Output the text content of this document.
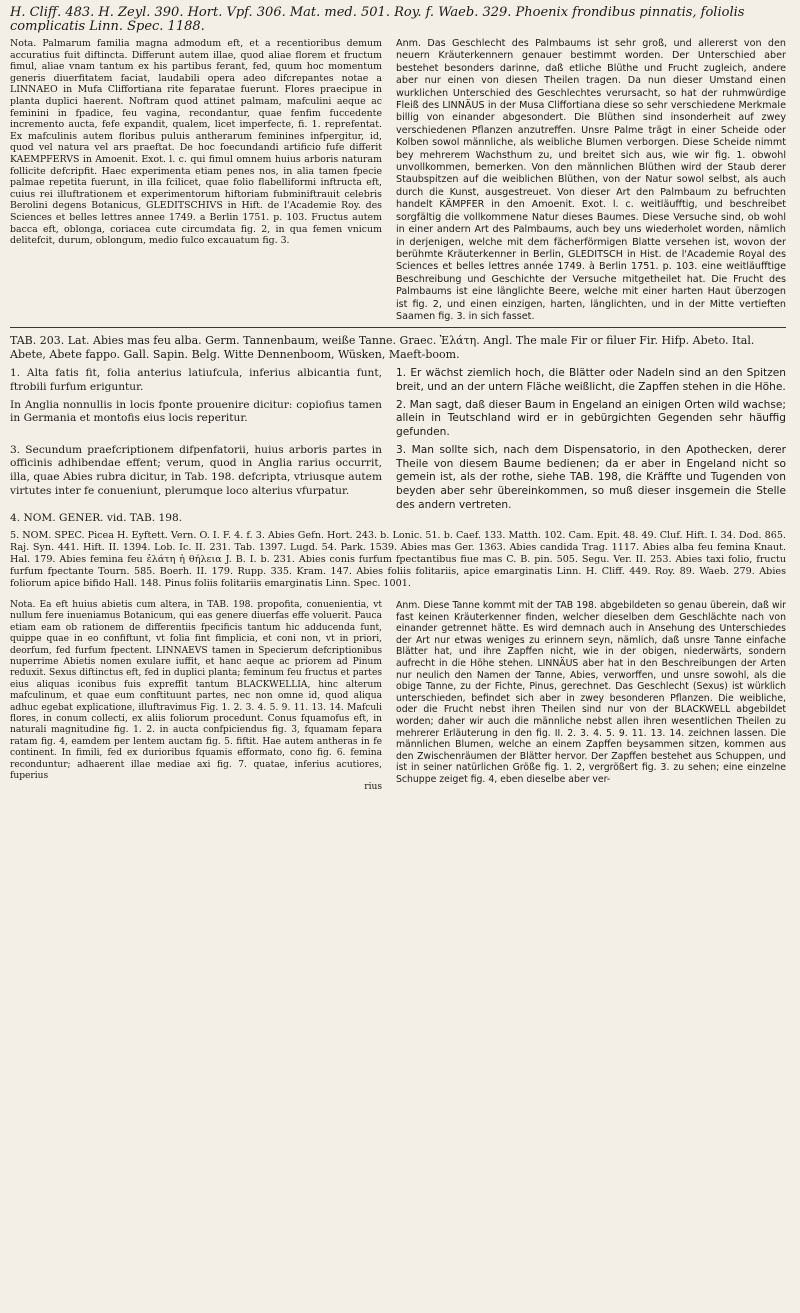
H. Cliff. 483. H. Zeyl. 390. Hort. Vpf. 306. Mat. med. 501. Roy. f. Waeb. 329. Phoenix frondibus pinnatis, foliolis complicatis Linn. Spec. 1188.

Nota. Palmarum familia magna admodum eft, et a recentioribus demum accuratius fuit diftincta. Differunt autem illae, quod aliae florem et fructum fimul, aliae vnam tantum ex his partibus ferant, fed, quum hoc momentum generis diuerfitatem faciat, laudabili opera adeo difcrepantes notae a LINNAEO in Mufa Cliffortiana rite feparatae fuerunt. Flores praecipue in planta duplici haerent. Noftram quod attinet palmam, mafculini aeque ac feminini in fpadice, feu vagina, recondantur, quae fenfim fuccedente incremento aucta, fefe expandit, qualem, licet imperfecte, fi. 1. reprefentat. Ex mafculinis autem floribus puluis antherarum feminines infpergitur, id, quod vel natura vel ars praeftat. De hoc foecundandi artificio fufe differit KAEMPFERVS in Amoenit. Exot. l. c. qui fimul omnem huius arboris naturam follicite defcripfit. Haec experimenta etiam penes nos, in alia tamen fpecie palmae repetita fuerunt, in illa fcilicet, quae folio flabelliformi inftructa eft, cuius rei illuftrationem et experimentorum hiftoriam fubminiftrauit celebris Berolini degens Botanicus, GLEDITSCHIVS in Hift. de l'Academie Roy. des Sciences et belles lettres annee 1749. a Berlin 1751. p. 103. Fructus autem bacca eft, oblonga, coriacea cute circumdata fig. 2, in qua femen vnicum delitefcit, durum, oblongum, medio fulco excauatum fig. 3.

Anm. Das Geschlecht des Palmbaums ist sehr groß, und allererst von den neuern Kräuterkennern genauer bestimmt worden. Der Unterschied aber bestehet besonders darinne, daß etliche Blüthe und Frucht zugleich, andere aber nur einen von diesen Theilen tragen. Da nun dieser Umstand einen wurklichen Unterschied des Geschlechtes verursacht, so hat der ruhmwürdige Fleiß des LINNÄUS in der Musa Cliffortiana diese so sehr verschiedene Merkmale billig von einander abgesondert. Die Blüthen sind insonderheit auf zwey verschiedenen Pflanzen anzutreffen. Unsre Palme trägt in einer Scheide oder Kolben sowol männliche, als weibliche Blumen verborgen. Diese Scheide nimmt bey mehrerem Wachsthum zu, und breitet sich aus, wie wir fig. 1. obwohl unvollkommen, bemerken. Von den männlichen Blüthen wird der Staub derer Staubspitzen auf die weiblichen Blüthen, von der Natur sowol selbst, als auch durch die Kunst, ausgestreuet. Von dieser Art den Palmbaum zu befruchten handelt KÄMPFER in den Amoenit. Exot. l. c. weitläufftig, und beschreibet sorgfältig die vollkommene Natur dieses Baumes. Diese Versuche sind, ob wohl in einer andern Art des Palmbaums, auch bey uns wiederholet worden, nämlich in derjenigen, welche mit dem fächerförmigen Blatte versehen ist, wovon der berühmte Kräuterkenner in Berlin, GLEDITSCH in Hist. de l'Academie Royal des Sciences et belles lettres année 1749. à Berlin 1751. p. 103. eine weitläufftige Beschreibung und Geschichte der Versuche mitgetheilet hat. Die Frucht des Palmbaums ist eine länglichte Beere, welche mit einer harten Haut überzogen ist fig. 2, und einen einzigen, harten, länglichten, und in der Mitte vertieften Saamen fig. 3. in sich fasset.

TAB. 203. Lat. Abies mas feu alba. Germ. Tannenbaum, weiße Tanne. Graec. Ἐλάτη. Angl. The male Fir or filuer Fir. Hifp. Abeto. Ital. Abete, Abete fappo. Gall. Sapin. Belg. Witte Dennenboom, Wüsken, Maeft-boom.

1. Alta fatis fit, folia anterius latiufcula, inferius albicantia funt, ftrobili furfum eriguntur.

1. Er wächst ziemlich hoch, die Blätter oder Nadeln sind an den Spitzen breit, und an der untern Fläche weißlicht, die Zapffen stehen in die Höhe.

In Anglia nonnullis in locis fponte prouenire dicitur: copiofius tamen in Germania et montofis eius locis reperitur.

2. Man sagt, daß dieser Baum in Engeland an einigen Orten wild wachse; allein in Teutschland wird er in gebürgichten Gegenden sehr häuffig gefunden.

3. Secundum praefcriptionem difpenfatorii, huius arboris partes in officinis adhibendae effent; verum, quod in Anglia rarius occurrit, illa, quae Abies rubra dicitur, in Tab. 198. defcripta, vtriusque autem virtutes inter fe conueniunt, plerumque loco alterius vfurpatur.

3. Man sollte sich, nach dem Dispensatorio, in den Apothecken, derer Theile von diesem Baume bedienen; da er aber in Engeland nicht so gemein ist, als der rothe, siehe TAB. 198, die Kräffte und Tugenden von beyden aber sehr übereinkommen, so muß dieser insgemein die Stelle des andern vertreten.

4. NOM. GENER. vid. TAB. 198.

5. NOM. SPEC. Picea H. Eyftett. Vern. O. I. F. 4. f. 3. Abies Gefn. Hort. 243. b. Lonic. 51. b. Caef. 133. Matth. 102. Cam. Epit. 48. 49. Cluf. Hift. I. 34. Dod. 865. Raj. Syn. 441. Hift. II. 1394. Lob. Ic. II. 231. Tab. 1397. Lugd. 54. Park. 1539. Abies mas Ger. 1363. Abies candida Trag. 1117. Abies alba feu femina Knaut. Hal. 179. Abies femina feu ἐλάτη ἡ θήλεια J. B. I. b. 231. Abies conis furfum fpectantibus fiue mas C. B. pin. 505. Segu. Ver. II. 253. Abies taxi folio, fructu furfum fpectante Tourn. 585. Boerh. II. 179. Rupp. 335. Kram. 147. Abies foliis folitariis, apice emarginatis Linn. H. Cliff. 449. Roy. 89. Waeb. 279. Abies foliorum apice bifido Hall. 148. Pinus foliis folitariis emarginatis Linn. Spec. 1001.

Nota. Ea eft huius abietis cum altera, in TAB. 198. propofita, conuenientia, vt nullum fere inueniamus Botanicum, qui eas genere diuerfas effe voluerit. Pauca etiam eam ob rationem de differentiis fpecificis tantum hic adducenda funt, quippe quae in eo confiftunt, vt folia fint fimplicia, et coni non, vt in priori, deorfum, fed furfum fpectent. LINNAEVS tamen in Specierum defcriptionibus nuperrime Abietis nomen exulare iuffit, et hanc aeque ac priorem ad Pinum reduxit. Sexus diftinctus eft, fed in duplici planta; feminum feu fructus et partes eius aliquas iconibus fuis expreffit tantum BLACKWELLIA, hinc alterum mafculinum, et quae eum conftituunt partes, nec non omne id, quod aliqua adhuc egebat explicatione, illuftravimus Fig. 1. 2. 3. 4. 5. 9. 11. 13. 14. Mafculi flores, in conum collecti, ex aliis foliorum procedunt. Conus fquamofus eft, in naturali magnitudine fig. 1. 2. in aucta confpiciendus fig. 3, fquamam fepara ratam fig. 4, eamdem per lentem auctam fig. 5. fiftit. Hae autem antheras in fe continent. In fimili, fed ex durioribus fquamis efformato, cono fig. 6. femina reconduntur; adhaerent illae mediae axi fig. 7. quatae, inferius acutiores, fuperius

rius

Anm. Diese Tanne kommt mit der TAB 198. abgebildeten so genau überein, daß wir fast keinen Kräuterkenner finden, welcher dieselben dem Geschlächte nach von einander getrennet hätte. Es wird demnach auch in Ansehung des Unterschiedes der Art nur etwas weniges zu erinnern seyn, nämlich, daß unsre Tanne einfache Blätter hat, und ihre Zapffen nicht, wie in der obigen, niederwärts, sondern aufrecht in die Höhe stehen. LINNÄUS aber hat in den Beschreibungen der Arten nur neulich den Namen der Tanne, Abies, verworffen, und unsre sowohl, als die obige Tanne, zu der Fichte, Pinus, gerechnet. Das Geschlecht (Sexus) ist würklich unterschieden, befindet sich aber in zwey besonderen Pflanzen. Die weibliche, oder die Frucht nebst ihren Theilen sind nur von der BLACKWELL abgebildet worden; daher wir auch die männliche nebst allen ihren wesentlichen Theilen zu mehrerer Erläuterung in den fig. II. 2. 3. 4. 5. 9. 11. 13. 14. zeichnen lassen. Die männlichen Blumen, welche an einem Zapffen beysammen sitzen, kommen aus den Zwischenräumen der Blätter hervor. Der Zapffen bestehet aus Schuppen, und ist in seiner natürlichen Größe fig. 1. 2, vergrößert fig. 3. zu sehen; eine einzelne Schuppe zeiget fig. 4, eben dieselbe aber ver-
